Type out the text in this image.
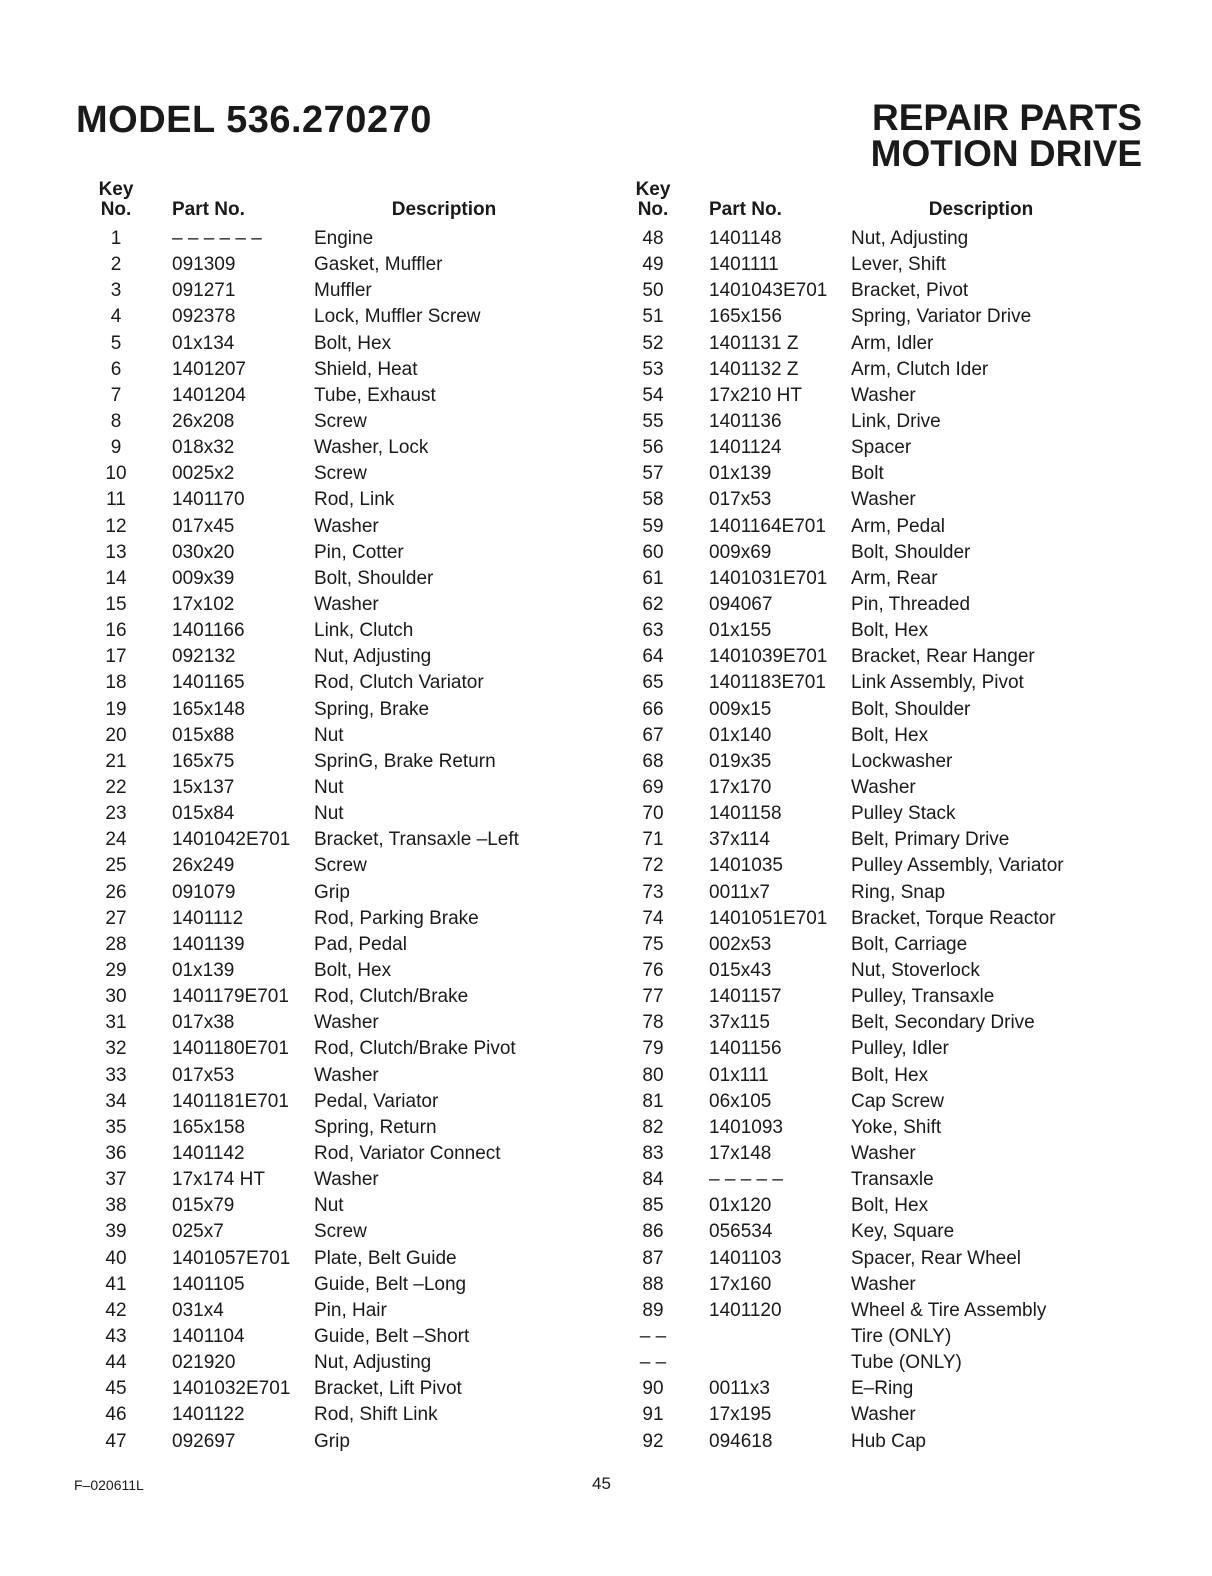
MODEL 536.270270	REPAIR PARTS
MOTION DRIVE
Key
No.	Part No.	Description
1	– – – – – –	Engine
2	091309	Gasket, Muffler
3	091271	Muffler
4	092378	Lock, Muffler Screw
5	01x134	Bolt, Hex
6	1401207	Shield, Heat
7	1401204	Tube, Exhaust
8	26x208	Screw
9	018x32	Washer, Lock
10	0025x2	Screw
11	1401170	Rod, Link
12	017x45	Washer
13	030x20	Pin, Cotter
14	009x39	Bolt, Shoulder
15	17x102	Washer
16	1401166	Link, Clutch
17	092132	Nut, Adjusting
18	1401165	Rod, Clutch Variator
19	165x148	Spring, Brake
20	015x88	Nut
21	165x75	SprinG, Brake Return
22	15x137	Nut
23	015x84	Nut
24	1401042E701	Bracket, Transaxle –Left
25	26x249	Screw
26	091079	Grip
27	1401112	Rod, Parking Brake
28	1401139	Pad, Pedal
29	01x139	Bolt, Hex
30	1401179E701	Rod, Clutch/Brake
31	017x38	Washer
32	1401180E701	Rod, Clutch/Brake Pivot
33	017x53	Washer
34	1401181E701	Pedal, Variator
35	165x158	Spring, Return
36	1401142	Rod, Variator Connect
37	17x174 HT	Washer
38	015x79	Nut
39	025x7	Screw
40	1401057E701	Plate, Belt Guide
41	1401105	Guide, Belt –Long
42	031x4	Pin, Hair
43	1401104	Guide, Belt –Short
44	021920	Nut, Adjusting
45	1401032E701	Bracket, Lift Pivot
46	1401122	Rod, Shift Link
47	092697	Grip
Key
No.	Part No.	Description
48	1401148	Nut, Adjusting
49	1401111	Lever, Shift
50	1401043E701	Bracket, Pivot
51	165x156	Spring, Variator Drive
52	1401131 Z	Arm, Idler
53	1401132 Z	Arm, Clutch Ider
54	17x210 HT	Washer
55	1401136	Link, Drive
56	1401124	Spacer
57	01x139	Bolt
58	017x53	Washer
59	1401164E701	Arm, Pedal
60	009x69	Bolt, Shoulder
61	1401031E701	Arm, Rear
62	094067	Pin, Threaded
63	01x155	Bolt, Hex
64	1401039E701	Bracket, Rear Hanger
65	1401183E701	Link Assembly, Pivot
66	009x15	Bolt, Shoulder
67	01x140	Bolt, Hex
68	019x35	Lockwasher
69	17x170	Washer
70	1401158	Pulley Stack
71	37x114	Belt, Primary Drive
72	1401035	Pulley Assembly, Variator
73	0011x7	Ring, Snap
74	1401051E701	Bracket, Torque Reactor
75	002x53	Bolt, Carriage
76	015x43	Nut, Stoverlock
77	1401157	Pulley, Transaxle
78	37x115	Belt, Secondary Drive
79	1401156	Pulley, Idler
80	01x111	Bolt, Hex
81	06x105	Cap Screw
82	1401093	Yoke, Shift
83	17x148	Washer
84	– – – – –	Transaxle
85	01x120	Bolt, Hex
86	056534	Key, Square
87	1401103	Spacer, Rear Wheel
88	17x160	Washer
89	1401120	Wheel & Tire Assembly
– –		Tire (ONLY)
– –		Tube (ONLY)
90	0011x3	E–Ring
91	17x195	Washer
92	094618	Hub Cap
F–020611L	45
